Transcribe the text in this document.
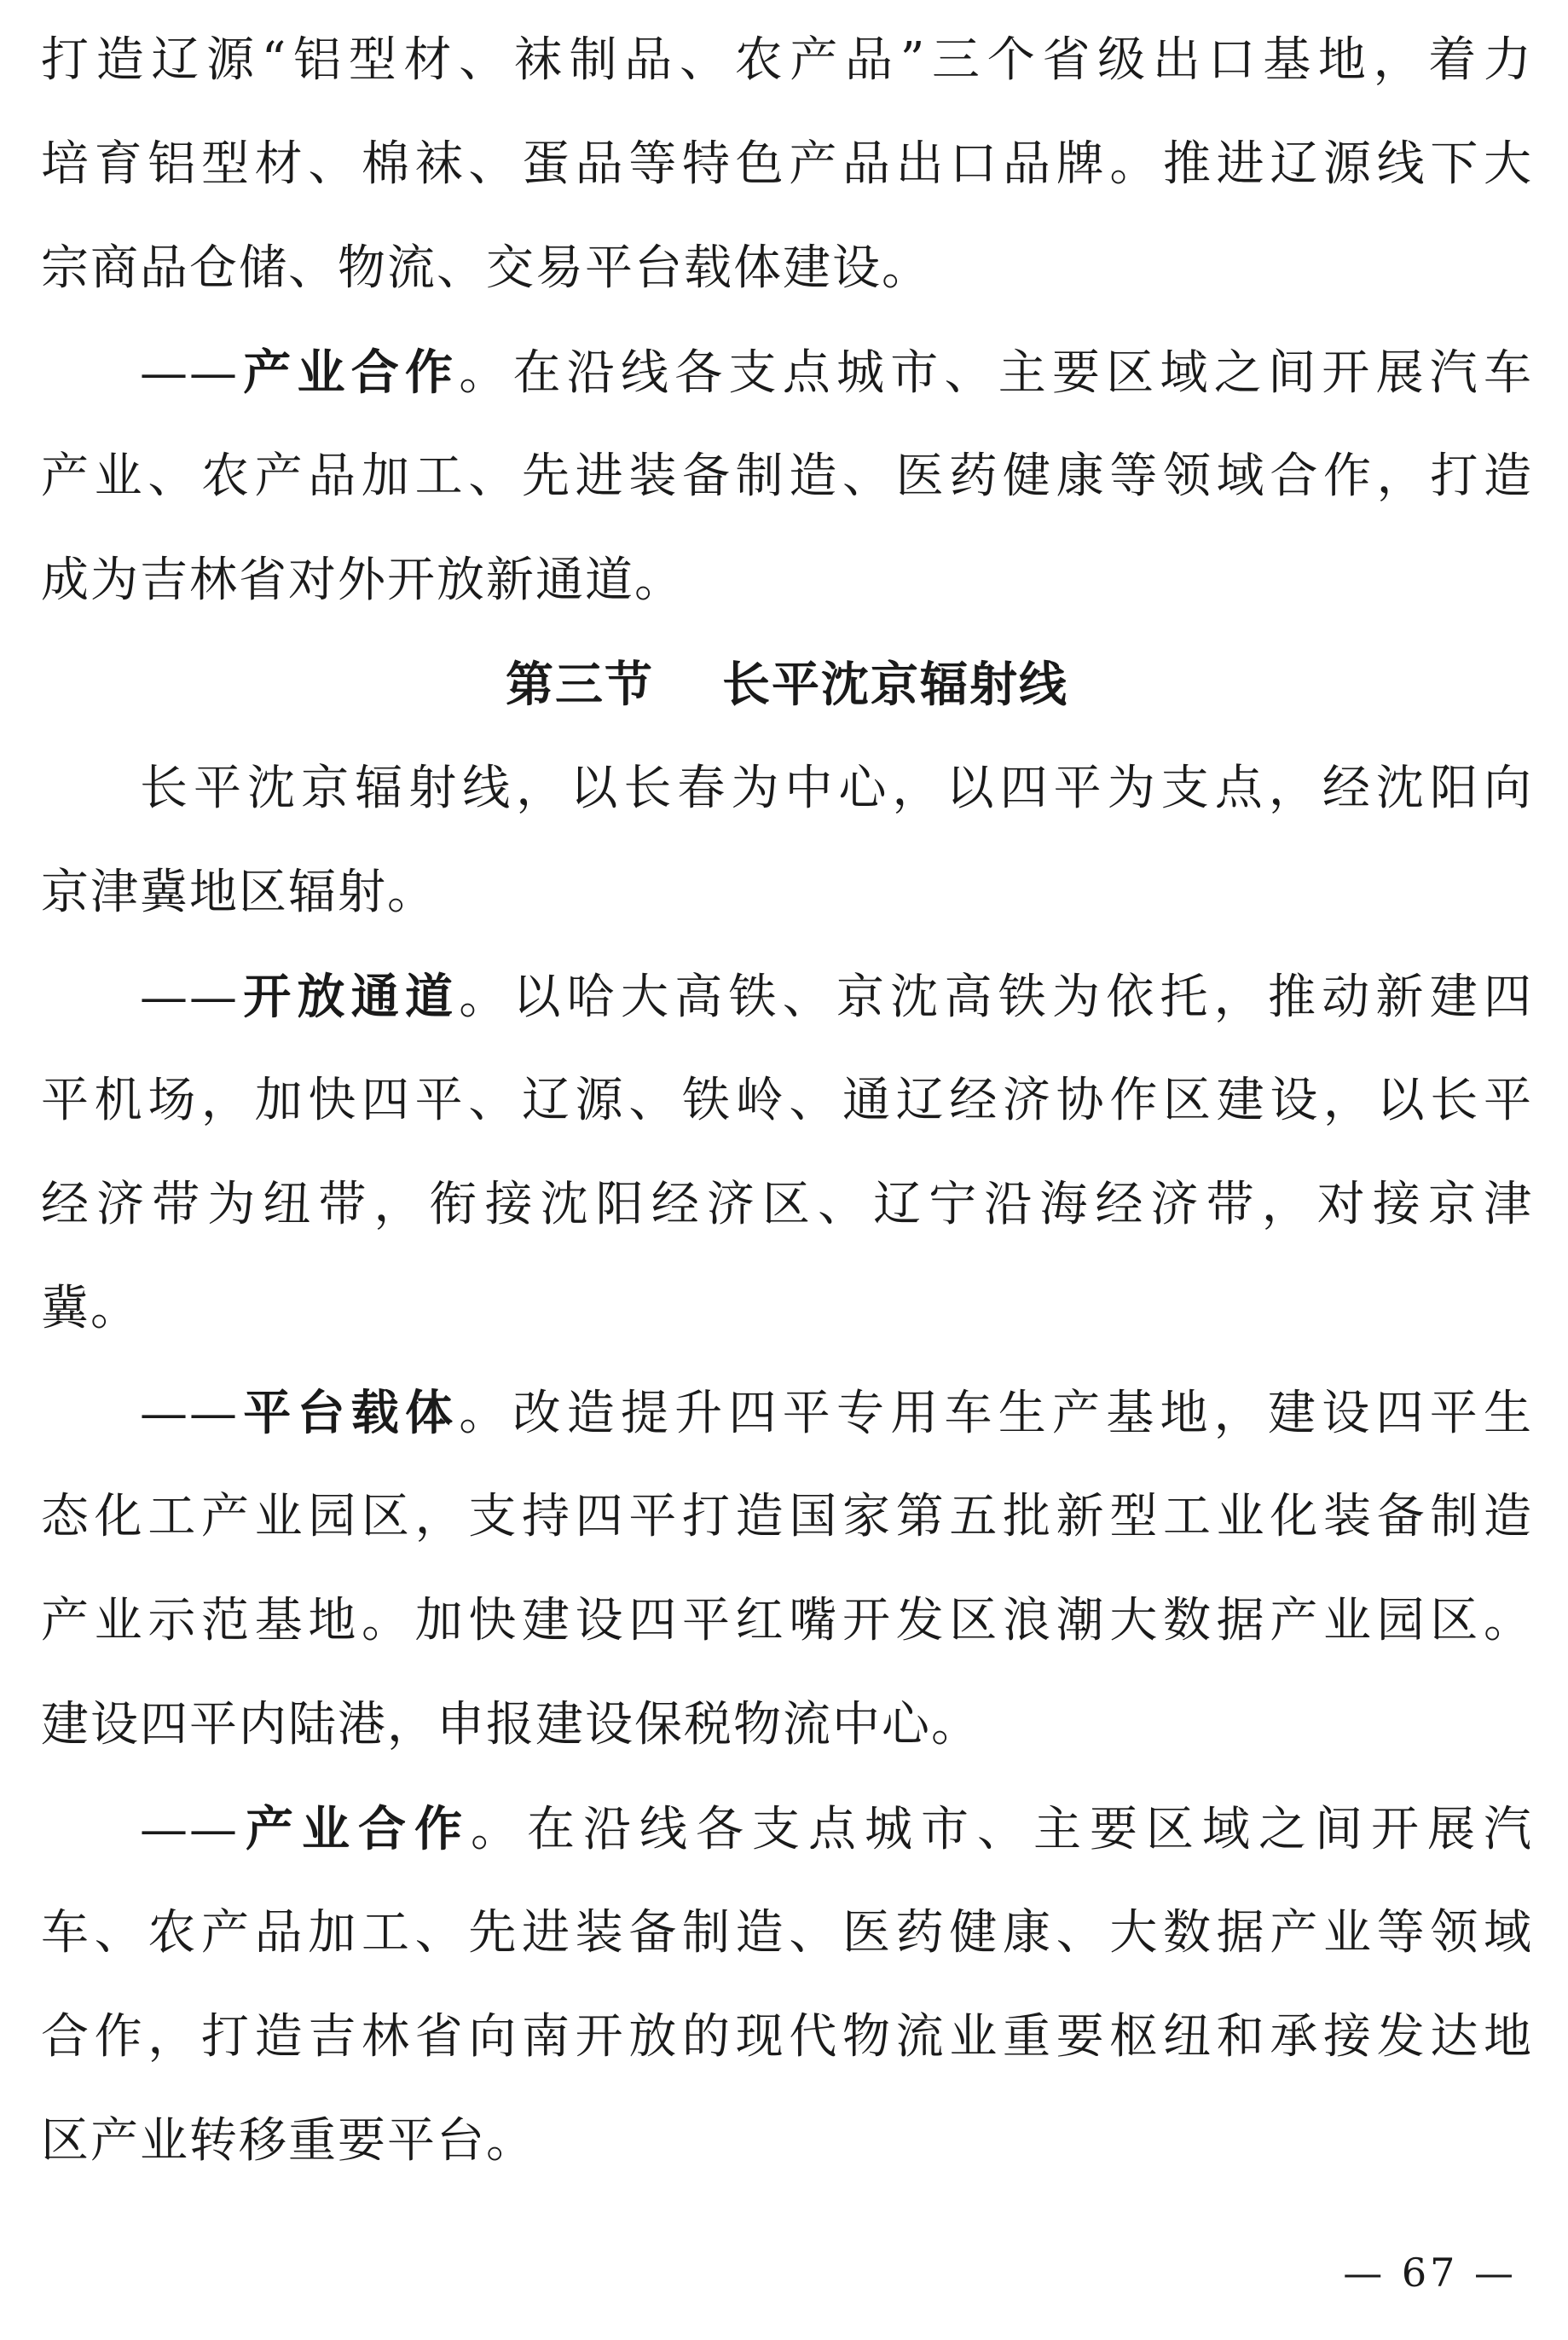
打造辽源“铝型材、袜制品、农产品”三个省级出口基地，着力
培育铝型材、棉袜、蛋品等特色产品出口品牌。推进辽源线下大
宗商品仓储、物流、交易平台载体建设。
——产业合作。在沿线各支点城市、主要区域之间开展汽车
产业、农产品加工、先进装备制造、医药健康等领域合作，打造
成为吉林省对外开放新通道。
第三节 长平沈京辐射线
长平沈京辐射线，以长春为中心，以四平为支点，经沈阳向
京津冀地区辐射。
——开放通道。以哈大高铁、京沈高铁为依托，推动新建四
平机场，加快四平、辽源、铁岭、通辽经济协作区建设，以长平
经济带为纽带，衔接沈阳经济区、辽宁沿海经济带，对接京津
冀。
——平台载体。改造提升四平专用车生产基地，建设四平生
态化工产业园区，支持四平打造国家第五批新型工业化装备制造
产业示范基地。加快建设四平红嘴开发区浪潮大数据产业园区。
建设四平内陆港，申报建设保税物流中心。
——产业合作。在沿线各支点城市、主要区域之间开展汽
车、农产品加工、先进装备制造、医药健康、大数据产业等领域
合作，打造吉林省向南开放的现代物流业重要枢纽和承接发达地
区产业转移重要平台。
— 67 —
